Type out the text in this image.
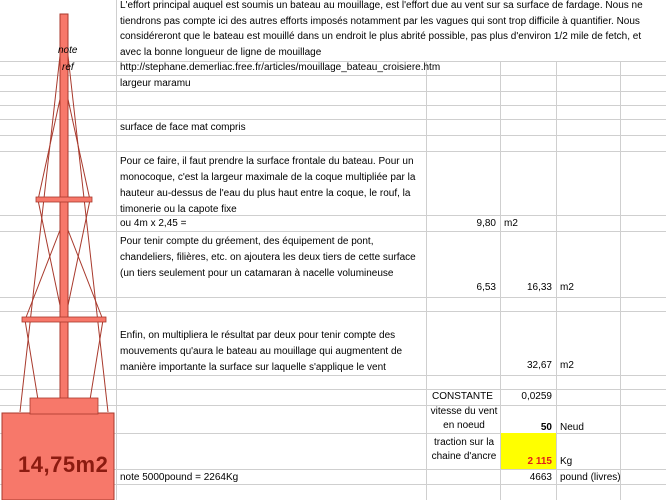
14,75m2
note
ref
L'effort principal auquel est soumis un bateau au mouillage, est l'effort due au vent sur sa surface de fardage. Nous ne tiendrons pas compte ici des autres efforts imposés notamment par les vagues qui sont trop difficile à quantifier. Nous considéreront que le bateau est mouillé dans un endroit le plus abrité possible, pas plus d'environ 1/2 mile de fetch, et avec la bonne longueur de ligne de mouillage
http://stephane.demerliac.free.fr/articles/mouillage_bateau_croisiere.htm
largeur maramu
surface de face mat compris
Pour ce faire, il faut prendre la surface frontale du bateau. Pour un monocoque, c'est la largeur maximale de la coque multipliée par la hauteur au-dessus de l'eau du plus haut entre la coque, le rouf, la timonerie ou la capote fixe
ou 4m x 2,45 =	9,80 m2
Pour tenir compte du gréement, des équipement de pont, chandeliers, filières, etc. on ajoutera les deux tiers de cette surface (un tiers seulement pour un catamaran à nacelle volumineuse
6,53	16,33 m2
Enfin, on multipliera le résultat par deux pour tenir compte des mouvements qu'aura le bateau au mouillage qui augmentent de manière importante la surface sur laquelle s'applique le vent	32,67 m2
CONSTANTE	0,0259
vitesse du vent en noeud	50 Neud
traction sur la chaine d'ancre	2 115 Kg
note 5000pound = 2264Kg	4663 pound (livres)
